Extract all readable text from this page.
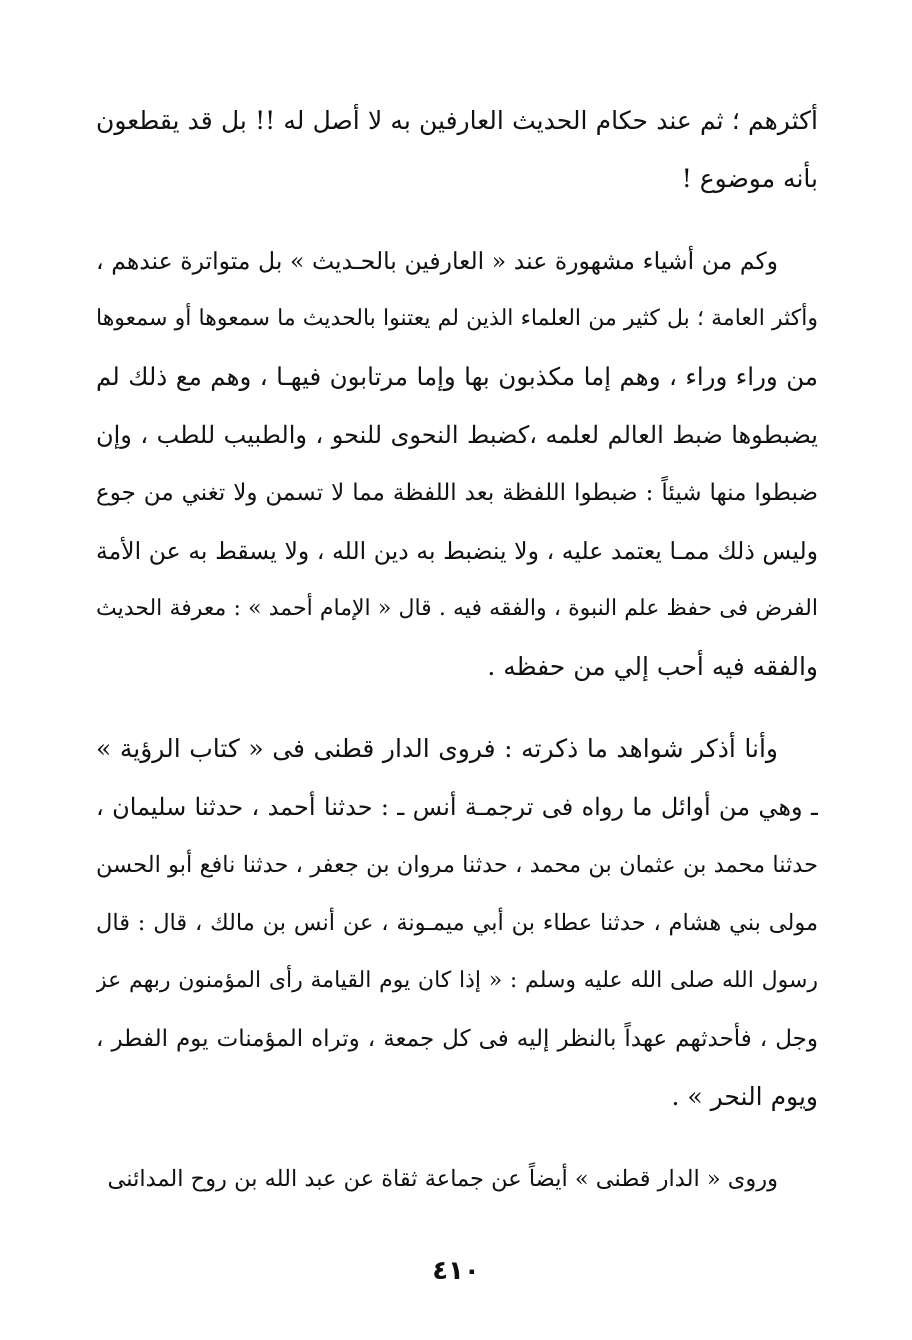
أكثرهم ؛ ثم عند حكام الحديث العارفين به لا أصل له !! بل قد يقطعون
بأنه موضوع !
وكم من أشياء مشهورة عند « العارفين بالحـديث » بل متواترة عندهم ،
وأكثر العامة ؛ بل كثير من العلماء الذين لم يعتنوا بالحديث ما سمعوها أو سمعوها
من وراء وراء ، وهم إما مكذبون بها وإما مرتابون فيهـا ، وهم مع ذلك لم
يضبطوها ضبط العالم لعلمه ،كضبط النحوى للنحو ، والطبيب للطب ، وإن
ضبطوا منها شيئاً : ضبطوا اللفظة بعد اللفظة مما لا تسمن ولا تغني من جوع
وليس ذلك ممـا يعتمد عليه ، ولا ينضبط به دين الله ، ولا يسقط به عن الأمة
الفرض فى حفظ علم النبوة ، والفقه فيه . قال « الإمام أحمد » : معرفة الحديث
والفقه فيه أحب إلي من حفظه .
وأنا أذكر شواهد ما ذكرته : فروى الدار قطنى فى « كتاب الرؤية »
ـ وهي من أوائل ما رواه فى ترجمـة أنس ـ : حدثنا أحمد ، حدثنا سليمان ،
حدثنا محمد بن عثمان بن محمد ، حدثنا مروان بن جعفر ، حدثنا نافع أبو الحسن
مولى بني هشام ، حدثنا عطاء بن أبي ميمـونة ، عن أنس بن مالك ، قال : قال
رسول الله صلى الله عليه وسلم : « إذا كان يوم القيامة رأى المؤمنون ربهم عز
وجل ، فأحدثهم عهداً بالنظر إليه فى كل جمعة ، وتراه المؤمنات يوم الفطر ،
ويوم النحر » .
وروى « الدار قطنى » أيضاً عن جماعة ثقاة عن عبد الله بن روح المدائنى
٤١٠
